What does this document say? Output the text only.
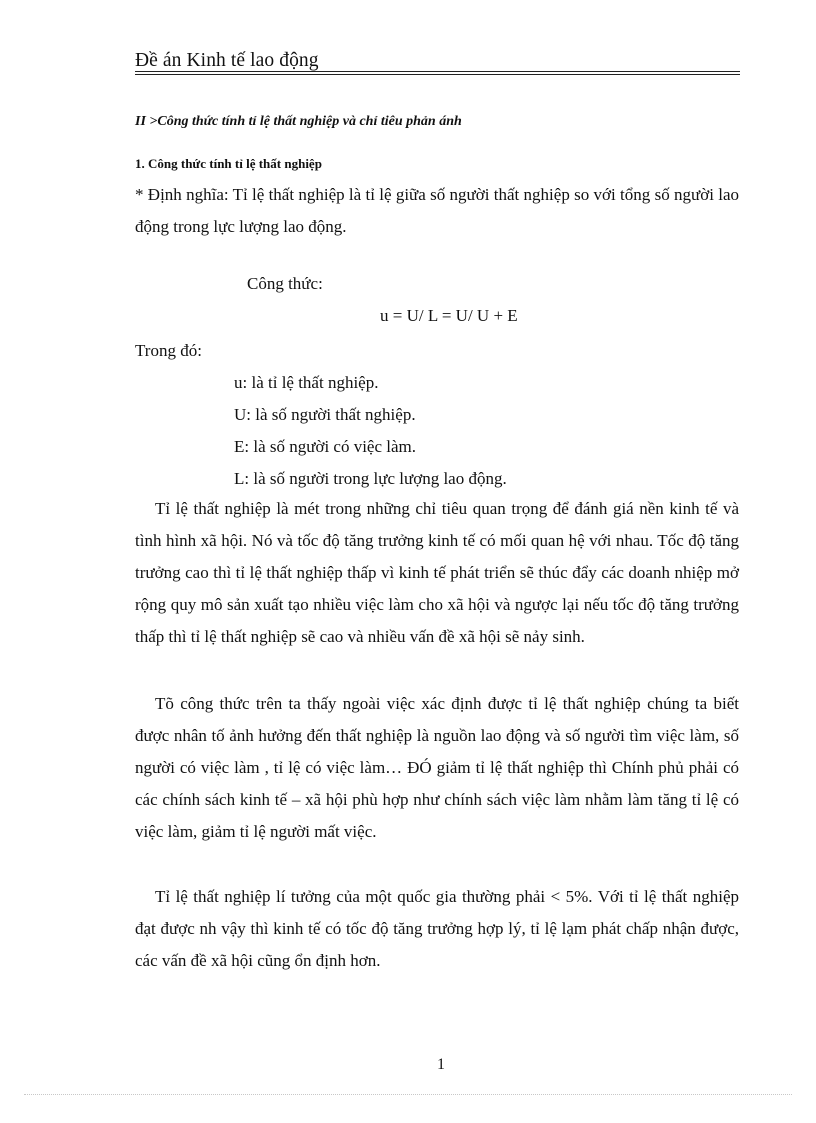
Đề án Kinh tế lao động
II >Công thức tính tỉ lệ thất nghiệp và chỉ tiêu phản ánh
1. Công thức tính tỉ lệ thất nghiệp
* Định nghĩa: Tỉ lệ thất nghiệp là tỉ lệ giữa số người thất nghiệp so với tổng số người lao động trong lực lượng lao động.
Công thức:
u = U/ L = U/ U + E
Trong đó:
u: là tỉ lệ thất nghiệp.
U: là số người thất nghiệp.
E: là số người có việc làm.
L: là số người trong lực lượng lao động.
Tỉ lệ thất nghiệp là mét trong những chỉ tiêu quan trọng để đánh giá nền kinh tế và tình hình xã hội. Nó và tốc độ tăng trưởng kinh tế có mối quan hệ với nhau. Tốc độ tăng trưởng cao thì tỉ lệ thất nghiệp thấp vì kinh tế phát triển sẽ thúc đẩy các doanh nhiệp mở rộng quy mô sản xuất tạo nhiều việc làm cho xã hội và ngược lại nếu tốc độ tăng trưởng thấp thì tỉ lệ thất nghiệp sẽ cao và nhiều vấn đề xã hội sẽ nảy sinh.
Tõ công thức trên ta thấy ngoài việc xác định được tỉ lệ thất nghiệp chúng ta biết được nhân tố ảnh hưởng đến thất nghiệp là nguồn lao động và số người tìm việc làm, số người có việc làm , tỉ lệ có việc làm… ĐÓ giảm tỉ lệ thất nghiệp thì Chính phủ phải có các chính sách kinh tế – xã hội phù hợp như chính sách việc làm nhằm làm tăng tỉ lệ có việc làm, giảm tỉ lệ người mất việc.
Tỉ lệ thất nghiệp lí tưởng của một quốc gia thường phải < 5%. Với tỉ lệ thất nghiệp đạt được nh vậy thì kinh tế có tốc độ tăng trưởng hợp lý, tỉ lệ lạm phát chấp nhận được, các vấn đề xã hội cũng ổn định hơn.
1
